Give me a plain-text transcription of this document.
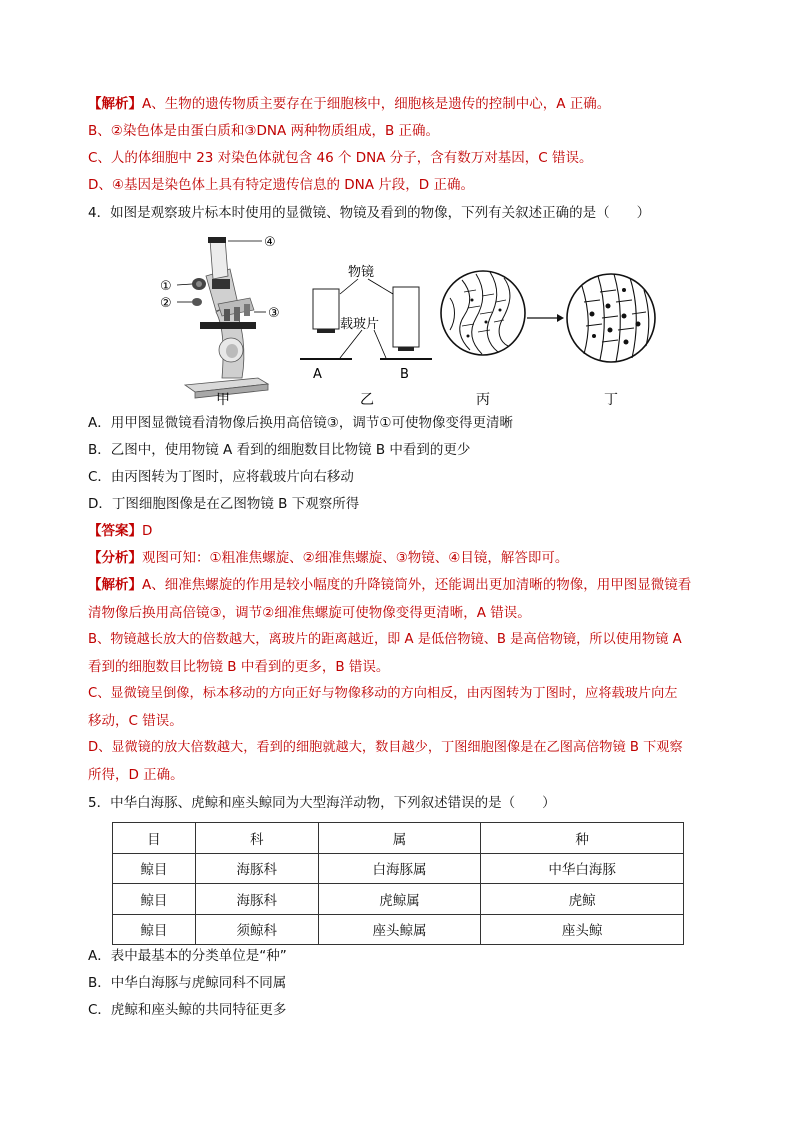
【解析】A、生物的遗传物质主要存在于细胞核中，细胞核是遗传的控制中心，A 正确。
B、②染色体是由蛋白质和③DNA 两种物质组成，B 正确。
C、人的体细胞中 23 对染色体就包含 46 个 DNA 分子，含有数万对基因，C 错误。
D、④基因是染色体上具有特定遗传信息的 DNA 片段，D 正确。
4．如图是观察玻片标本时使用的显微镜、物镜及看到的物像，下列有关叙述正确的是（　　）
①
②
③
④
物镜
载玻片
A	B
甲	乙	丙	丁
A．用甲图显微镜看清物像后换用高倍镜③，调节①可使物像变得更清晰
B．乙图中，使用物镜 A 看到的细胞数目比物镜 B 中看到的更少
C．由丙图转为丁图时，应将载玻片向右移动
D．丁图细胞图像是在乙图物镜 B 下观察所得
【答案】D
【分析】观图可知：①粗准焦螺旋、②细准焦螺旋、③物镜、④目镜，解答即可。
【解析】A、细准焦螺旋的作用是较小幅度的升降镜筒外，还能调出更加清晰的物像，用甲图显微镜看
清物像后换用高倍镜③，调节②细准焦螺旋可使物像变得更清晰，A 错误。
B、物镜越长放大的倍数越大，离玻片的距离越近，即 A 是低倍物镜、B 是高倍物镜，所以使用物镜 A
看到的细胞数目比物镜 B 中看到的更多，B 错误。
C、显微镜呈倒像，标本移动的方向正好与物像移动的方向相反，由丙图转为丁图时，应将载玻片向左
移动，C 错误。
D、显微镜的放大倍数越大，看到的细胞就越大，数目越少，丁图细胞图像是在乙图高倍物镜 B 下观察
所得，D 正确。
5．中华白海豚、虎鲸和座头鲸同为大型海洋动物，下列叙述错误的是（　　）
目	科	属	种
鲸目	海豚科	白海豚属	中华白海豚
鲸目	海豚科	虎鲸属	虎鲸
鲸目	须鲸科	座头鲸属	座头鲸
A．表中最基本的分类单位是“种”
B．中华白海豚与虎鲸同科不同属
C．虎鲸和座头鲸的共同特征更多
